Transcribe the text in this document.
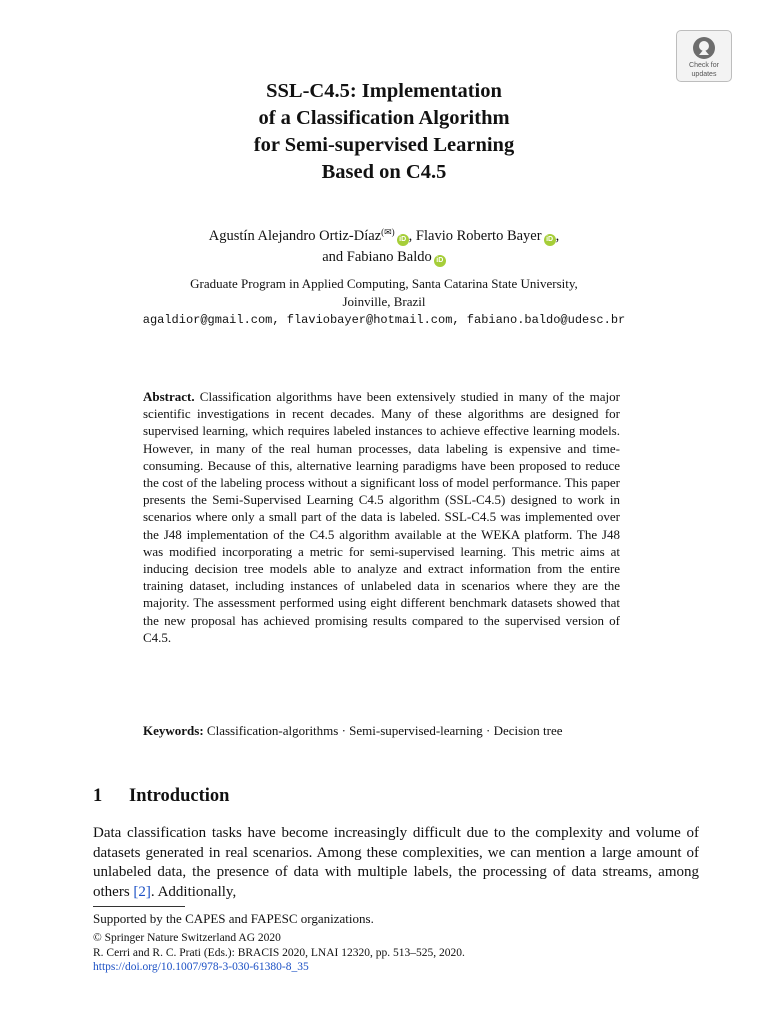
Check for
updates
SSL-C4.5: Implementation
of a Classification Algorithm
for Semi-supervised Learning
Based on C4.5
Agustín Alejandro Ortiz-Díaz(✉)iD , Flavio Roberto Bayer iD ,
and Fabiano Baldo iD
Graduate Program in Applied Computing, Santa Catarina State University,
Joinville, Brazil
agaldior@gmail.com, flaviobayer@hotmail.com, fabiano.baldo@udesc.br

Abstract. Classification algorithms have been extensively studied in many of the major scientific investigations in recent decades. Many of these algorithms are designed for supervised learning, which requires labeled instances to achieve effective learning models. However, in many of the real human processes, data labeling is expensive and time-consuming. Because of this, alternative learning paradigms have been proposed to reduce the cost of the labeling process without a significant loss of model performance. This paper presents the Semi-Supervised Learning C4.5 algorithm (SSL-C4.5) designed to work in scenarios where only a small part of the data is labeled. SSL-C4.5 was implemented over the J48 implementation of the C4.5 algorithm available at the WEKA platform. The J48 was modified incorporating a metric for semi-supervised learning. This metric aims at inducing decision tree models able to analyze and extract information from the entire training dataset, including instances of unlabeled data in scenarios where they are the majority. The assessment performed using eight different benchmark datasets showed that the new proposal has achieved promising results compared to the supervised version of C4.5.

Keywords: Classification-algorithms · Semi-supervised-learning · Decision tree

1 Introduction

Data classification tasks have become increasingly difficult due to the complexity and volume of datasets generated in real scenarios. Among these complexities, we can mention a large amount of unlabeled data, the presence of data with multiple labels, the processing of data streams, among others [2]. Additionally,

Supported by the CAPES and FAPESC organizations.

© Springer Nature Switzerland AG 2020
R. Cerri and R. C. Prati (Eds.): BRACIS 2020, LNAI 12320, pp. 513–525, 2020.
https://doi.org/10.1007/978-3-030-61380-8_35
